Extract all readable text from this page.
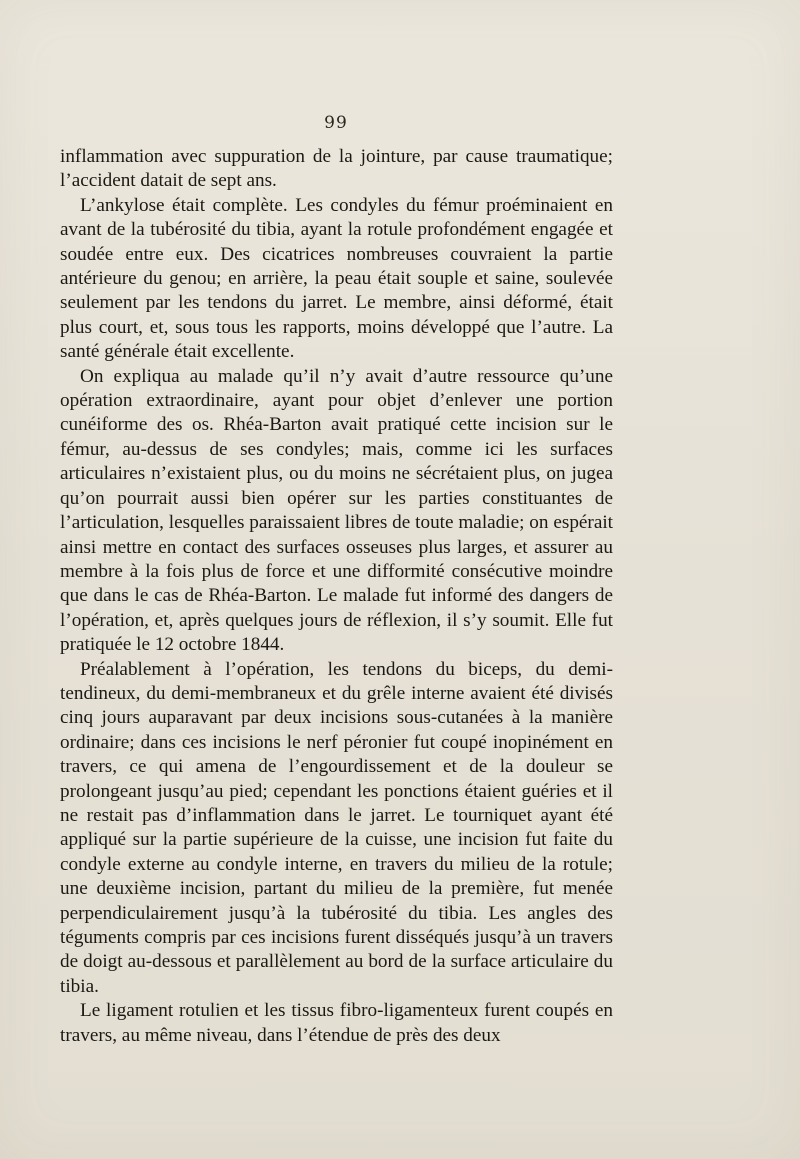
99

inflammation avec suppuration de la jointure, par cause traumatique; l’accident datait de sept ans.

L’ankylose était complète. Les condyles du fémur proéminaient en avant de la tubérosité du tibia, ayant la rotule profondément engagée et soudée entre eux. Des cicatrices nombreuses couvraient la partie antérieure du genou; en arrière, la peau était souple et saine, soulevée seulement par les tendons du jarret. Le membre, ainsi déformé, était plus court, et, sous tous les rapports, moins développé que l’autre. La santé générale était excellente.

On expliqua au malade qu’il n’y avait d’autre ressource qu’une opération extraordinaire, ayant pour objet d’enlever une portion cunéiforme des os. Rhéa-Barton avait pratiqué cette incision sur le fémur, au-dessus de ses condyles; mais, comme ici les surfaces articulaires n’existaient plus, ou du moins ne sécrétaient plus, on jugea qu’on pourrait aussi bien opérer sur les parties constituantes de l’articulation, lesquelles paraissaient libres de toute maladie; on espérait ainsi mettre en contact des surfaces osseuses plus larges, et assurer au membre à la fois plus de force et une difformité consécutive moindre que dans le cas de Rhéa-Barton. Le malade fut informé des dangers de l’opération, et, après quelques jours de réflexion, il s’y soumit. Elle fut pratiquée le 12 octobre 1844.

Préalablement à l’opération, les tendons du biceps, du demi-tendineux, du demi-membraneux et du grêle interne avaient été divisés cinq jours auparavant par deux incisions sous-cutanées à la manière ordinaire; dans ces incisions le nerf péronier fut coupé inopinément en travers, ce qui amena de l’engourdissement et de la douleur se prolongeant jusqu’au pied; cependant les ponctions étaient guéries et il ne restait pas d’inflammation dans le jarret. Le tourniquet ayant été appliqué sur la partie supérieure de la cuisse, une incision fut faite du condyle externe au condyle interne, en travers du milieu de la rotule; une deuxième incision, partant du milieu de la première, fut menée perpendiculairement jusqu’à la tubérosité du tibia. Les angles des téguments compris par ces incisions furent disséqués jusqu’à un travers de doigt au-dessous et parallèlement au bord de la surface articulaire du tibia.

Le ligament rotulien et les tissus fibro-ligamenteux furent coupés en travers, au même niveau, dans l’étendue de près des deux
